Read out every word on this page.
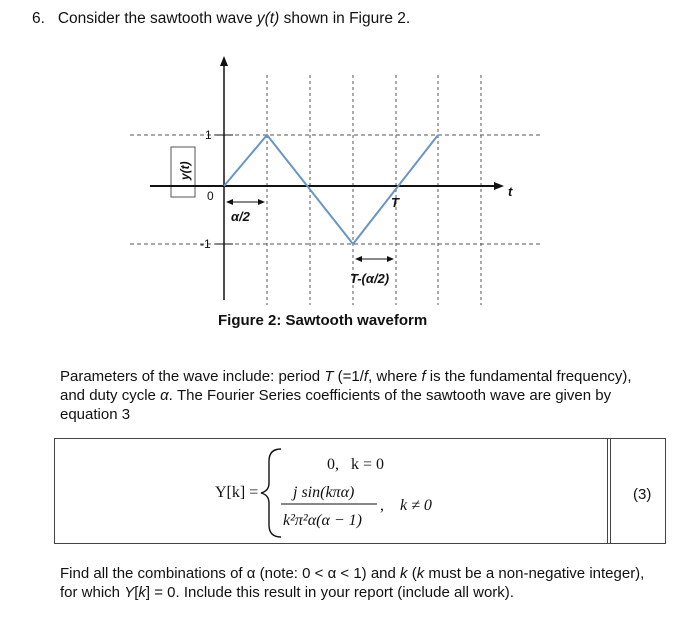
6. Consider the sawtooth wave y(t) shown in Figure 2.
y(t)
t
1
0
-1
α/2
T
T-(α/2)
Figure 2: Sawtooth waveform
Parameters of the wave include: period T (=1/f, where f is the fundamental frequency), and duty cycle α. The Fourier Series coefficients of the sawtooth wave are given by equation 3
Y[k] =
0,   k = 0
j sin(kπα)
k²π²α(α − 1)
, k ≠ 0
(3)
Find all the combinations of α (note: 0 < α < 1) and k (k must be a non-negative integer), for which Y[k] = 0. Include this result in your report (include all work).
